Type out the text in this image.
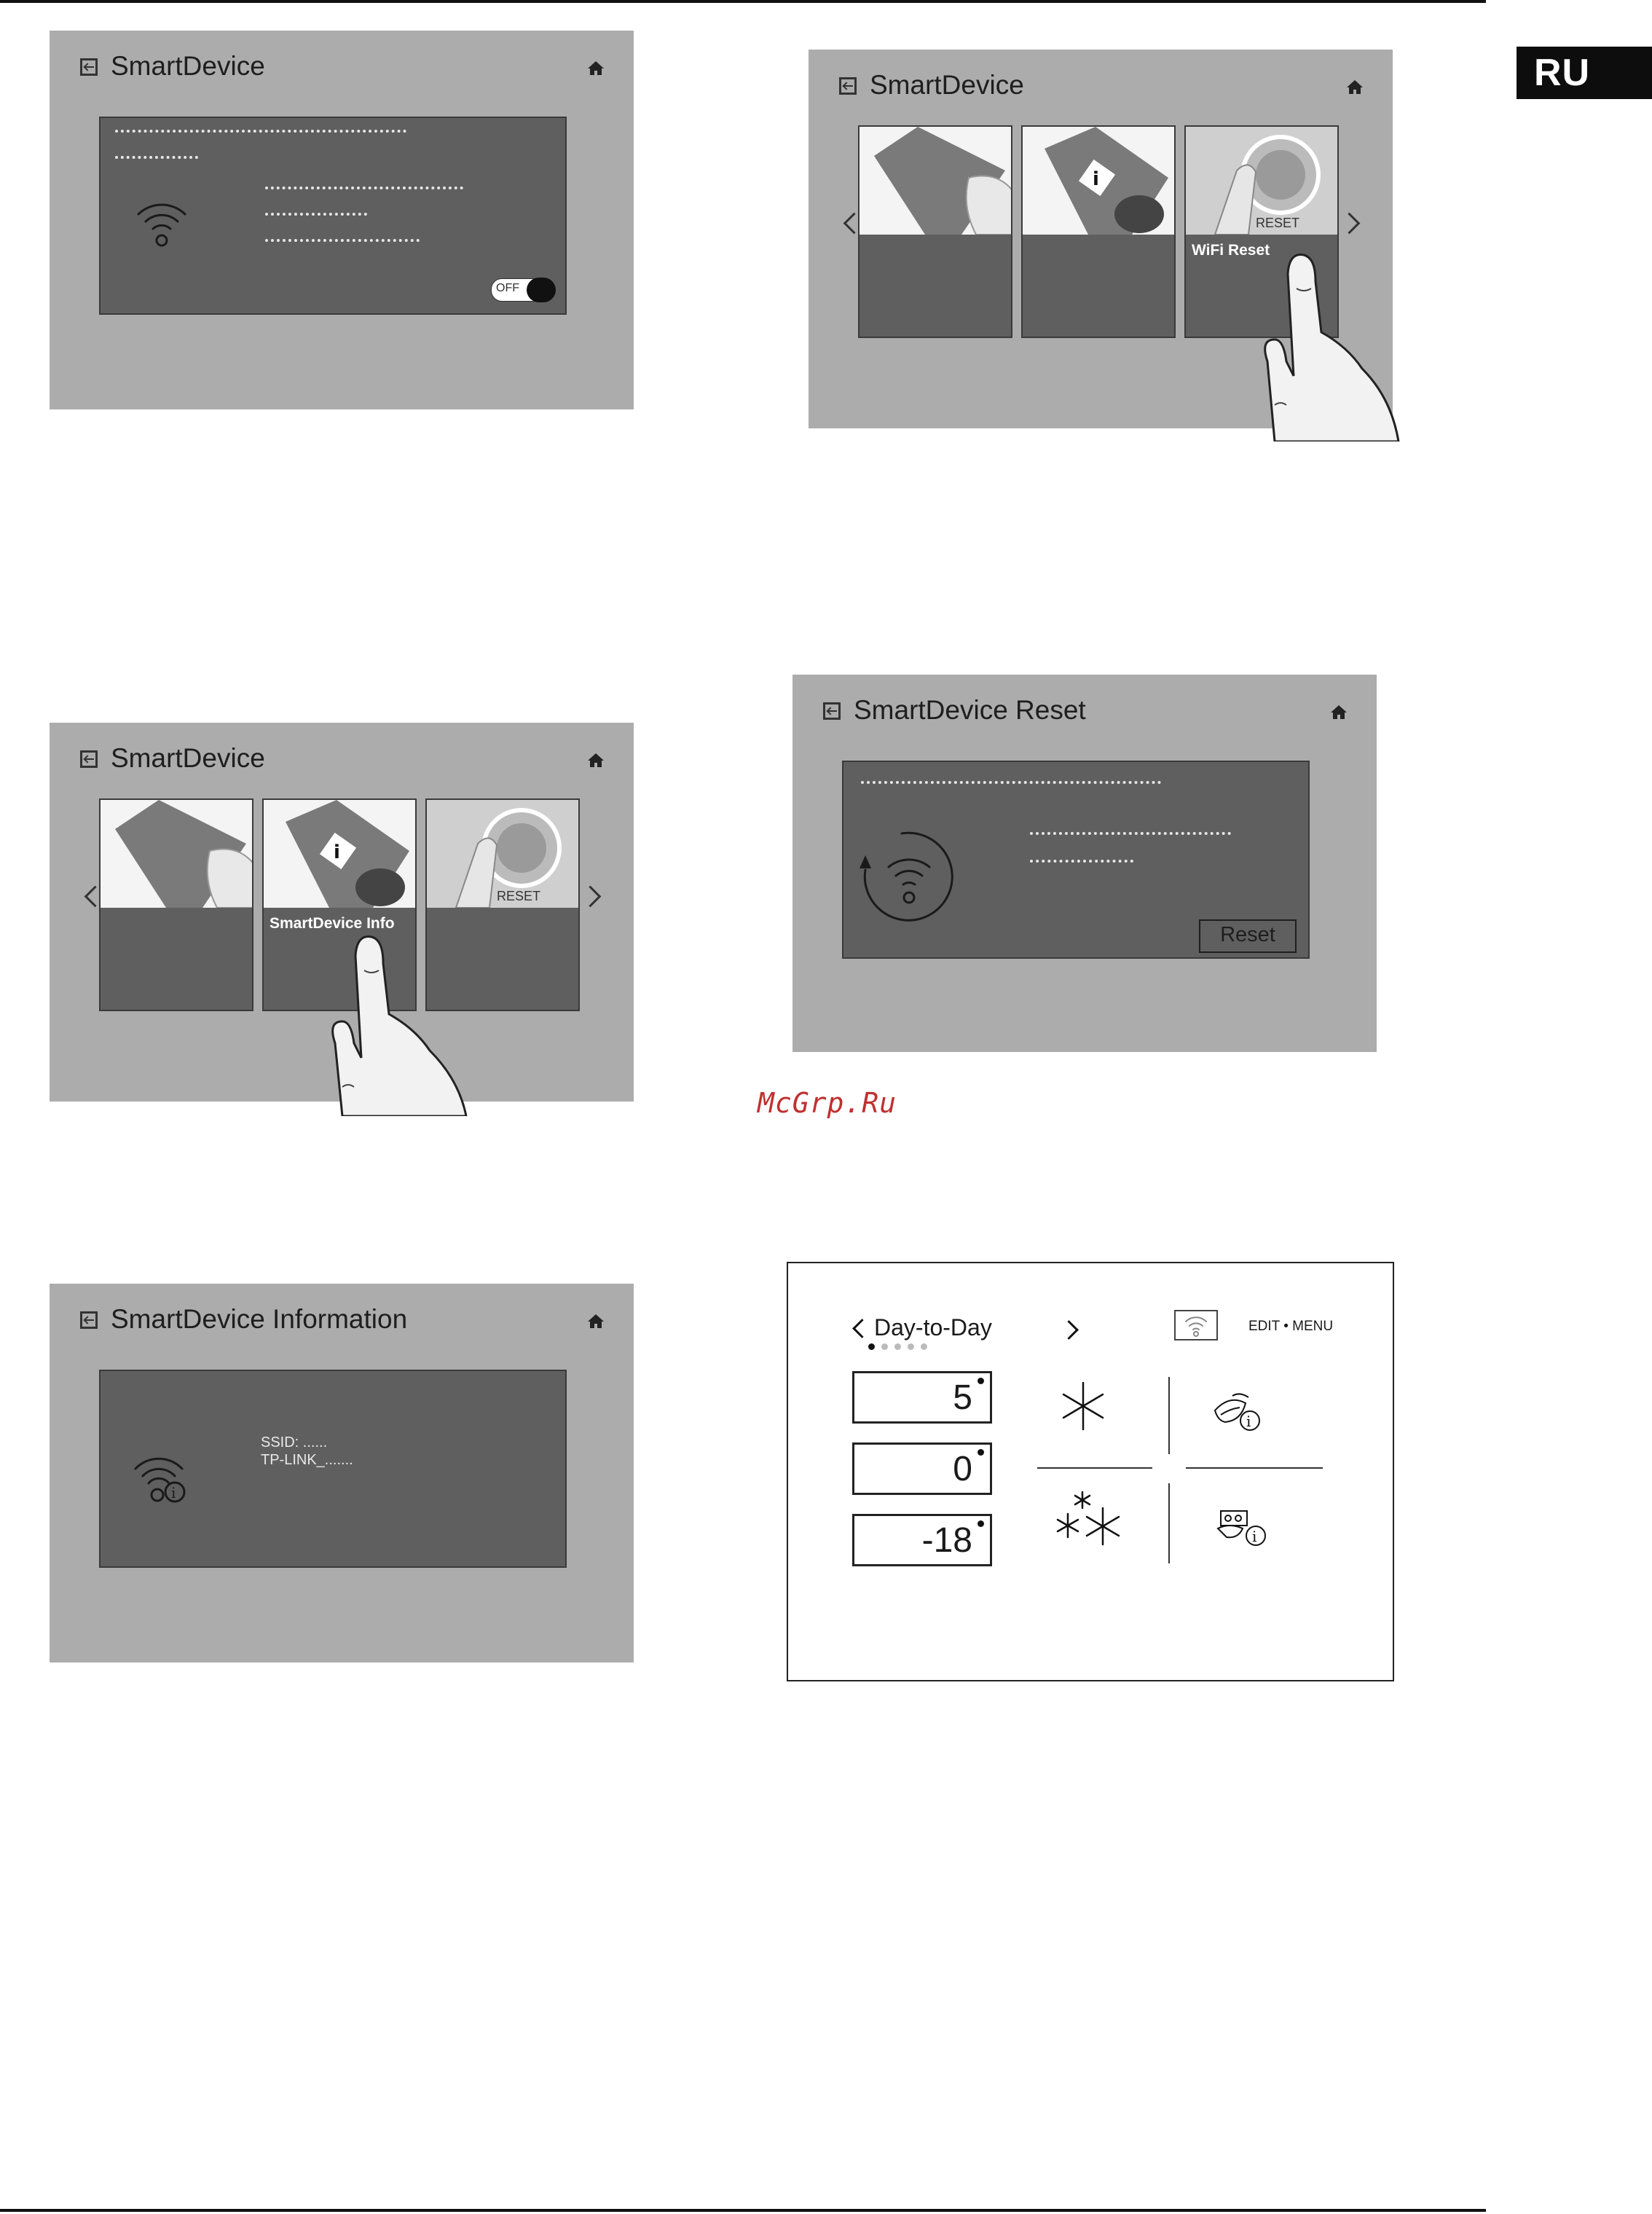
RU
SmartDevice
OFF
SmartDevice
i
RESET
WiFi Reset
SmartDevice
i
SmartDevice Info
RESET
SmartDevice Reset
Reset
McGrp.Ru
SmartDevice Information
SSID: ......
TP-LINK_.......
i
Day-to-Day	EDIT • MENU
5
0
-18
i
i
